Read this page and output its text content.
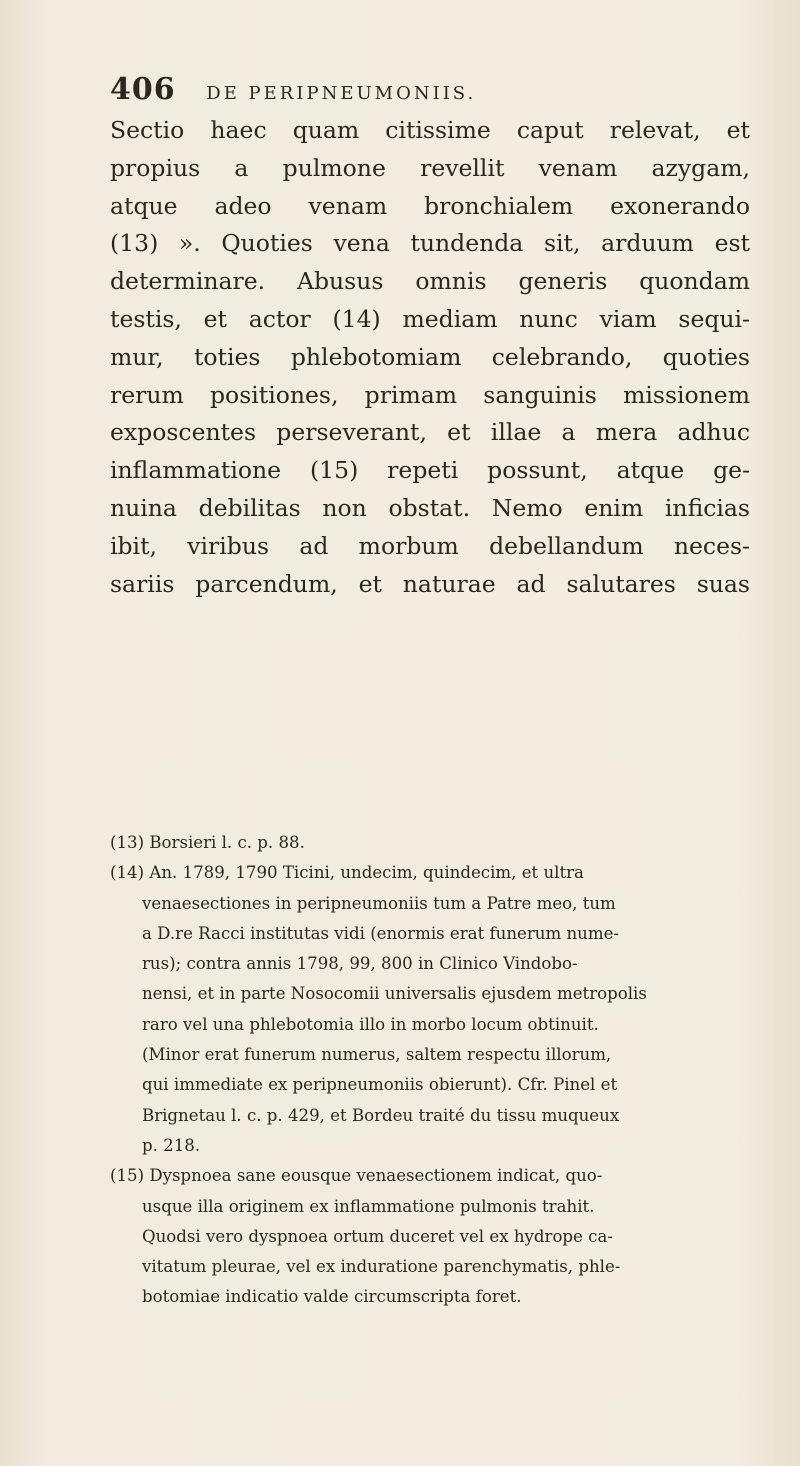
406 DE PERIPNEUMONIIS.
Sectio haec quam citissime caput relevat, et
propius a pulmone revellit venam azygam,
atque adeo venam bronchialem exonerando
(13) ». Quoties vena tundenda sit, arduum est
determinare. Abusus omnis generis quondam
testis, et actor (14) mediam nunc viam sequi-
mur, toties phlebotomiam celebrando, quoties
rerum positiones, primam sanguinis missionem
exposcentes perseverant, et illae a mera adhuc
inflammatione (15) repeti possunt, atque ge-
nuina debilitas non obstat. Nemo enim inficias
ibit, viribus ad morbum debellandum neces-
sariis parcendum, et naturae ad salutares suas
(13) Borsieri l. c. p. 88.
(14) An. 1789, 1790 Ticini, undecim, quindecim, et ultra
venaesectiones in peripneumoniis tum a Patre meo, tum
a D.re Racci institutas vidi (enormis erat funerum nume-
rus); contra annis 1798, 99, 800 in Clinico Vindobo-
nensi, et in parte Nosocomii universalis ejusdem metropolis
raro vel una phlebotomia illo in morbo locum obtinuit.
(Minor erat funerum numerus, saltem respectu illorum,
qui immediate ex peripneumoniis obierunt). Cfr. Pinel et
Brignetau l. c. p. 429, et Bordeu traité du tissu muqueux
p. 218.
(15) Dyspnoea sane eousque venaesectionem indicat, quo-
usque illa originem ex inflammatione pulmonis trahit.
Quodsi vero dyspnoea ortum duceret vel ex hydrope ca-
vitatum pleurae, vel ex induratione parenchymatis, phle-
botomiae indicatio valde circumscripta foret.
